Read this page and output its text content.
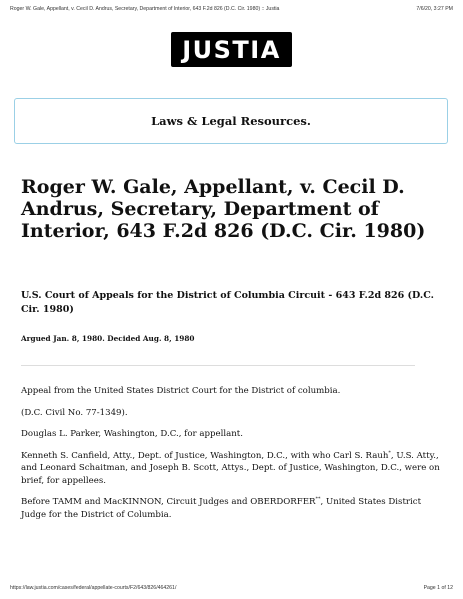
Roger W. Gale, Appellant, v. Cecil D. Andrus, Secretary, Department of Interior, 643 F.2d 826 (D.C. Cir. 1980) :: Justia	7/6/20, 3:27 PM
JUSTIA
Laws & Legal Resources.
Roger W. Gale, Appellant, v. Cecil D. Andrus, Secretary, Department of Interior, 643 F.2d 826 (D.C. Cir. 1980)
U.S. Court of Appeals for the District of Columbia Circuit - 643 F.2d 826 (D.C. Cir. 1980)

Argued Jan. 8, 1980. Decided Aug. 8, 1980

Appeal from the United States District Court for the District of columbia.

(D.C. Civil No. 77-1349).

Douglas L. Parker, Washington, D.C., for appellant.

Kenneth S. Canfield, Atty., Dept. of Justice, Washington, D.C., with who Carl S. Rauh*, U.S. Atty., and Leonard Schaitman, and Joseph B. Scott, Attys., Dept. of Justice, Washington, D.C., were on brief, for appellees.

Before TAMM and MacKINNON, Circuit Judges and OBERDORFER**, United States District Judge for the District of Columbia.

https://law.justia.com/cases/federal/appellate-courts/F2/643/826/464261/	Page 1 of 12
